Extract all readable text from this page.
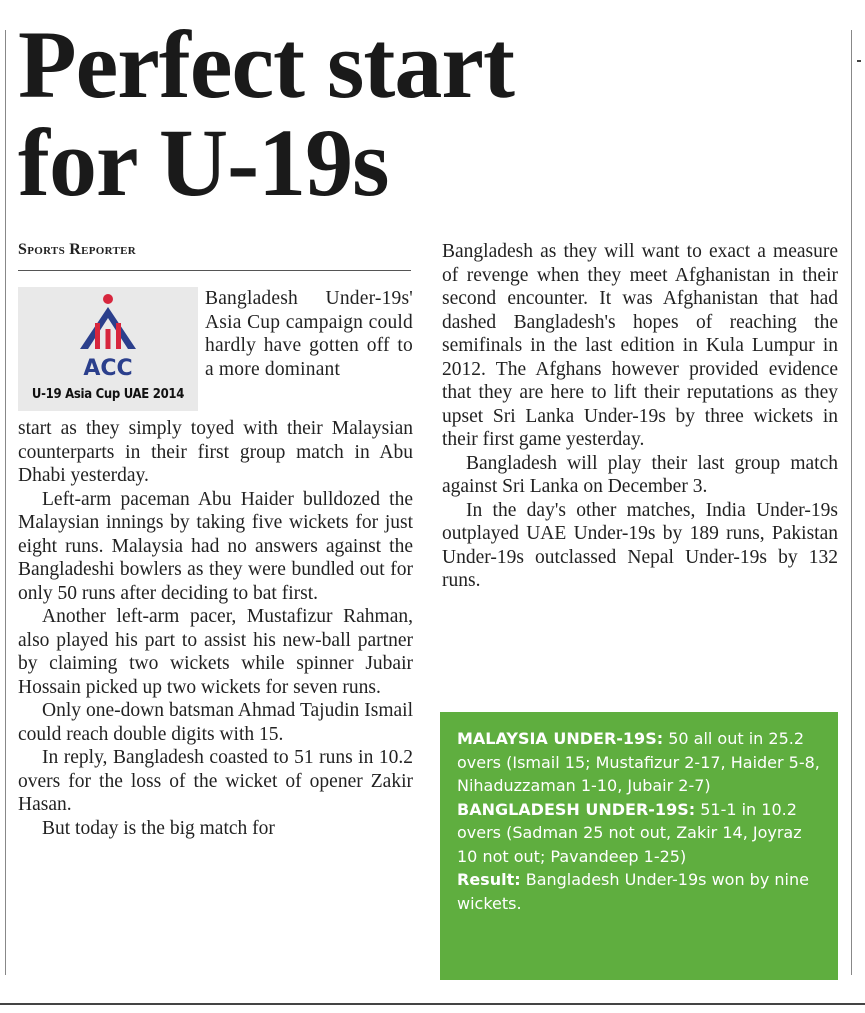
Perfect start for U-19s
Sports Reporter
ACC
U-19 Asia Cup UAE 2014

Bangladesh Under-19s' Asia Cup campaign could hardly have gotten off to a more dominant

start as they simply toyed with their Malaysian counterparts in their first group match in Abu Dhabi yesterday.

Left-arm paceman Abu Haider bulldozed the Malaysian innings by taking five wickets for just eight runs. Malaysia had no answers against the Bangladeshi bowlers as they were bundled out for only 50 runs after deciding to bat first.

Another left-arm pacer, Mustafizur Rahman, also played his part to assist his new-ball partner by claiming two wickets while spinner Jubair Hossain picked up two wickets for seven runs.

Only one-down batsman Ahmad Tajudin Ismail could reach double digits with 15.

In reply, Bangladesh coasted to 51 runs in 10.2 overs for the loss of the wicket of opener Zakir Hasan.

But today is the big match for

Bangladesh as they will want to exact a measure of revenge when they meet Afghanistan in their second encounter. It was Afghanistan that had dashed Bangladesh's hopes of reaching the semifinals in the last edition in Kula Lumpur in 2012. The Afghans however provided evidence that they are here to lift their reputations as they upset Sri Lanka Under-19s by three wickets in their first game yesterday.

Bangladesh will play their last group match against Sri Lanka on December 3.

In the day's other matches, India Under-19s outplayed UAE Under-19s by 189 runs, Pakistan Under-19s outclassed Nepal Under-19s by 132 runs.

MALAYSIA UNDER-19S: 50 all out in 25.2 overs (Ismail 15; Mustafizur 2-17, Haider 5-8, Nihaduzzaman 1-10, Jubair 2-7)
BANGLADESH UNDER-19S: 51-1 in 10.2 overs (Sadman 25 not out, Zakir 14, Joyraz 10 not out; Pavandeep 1-25)
Result: Bangladesh Under-19s won by nine wickets.
